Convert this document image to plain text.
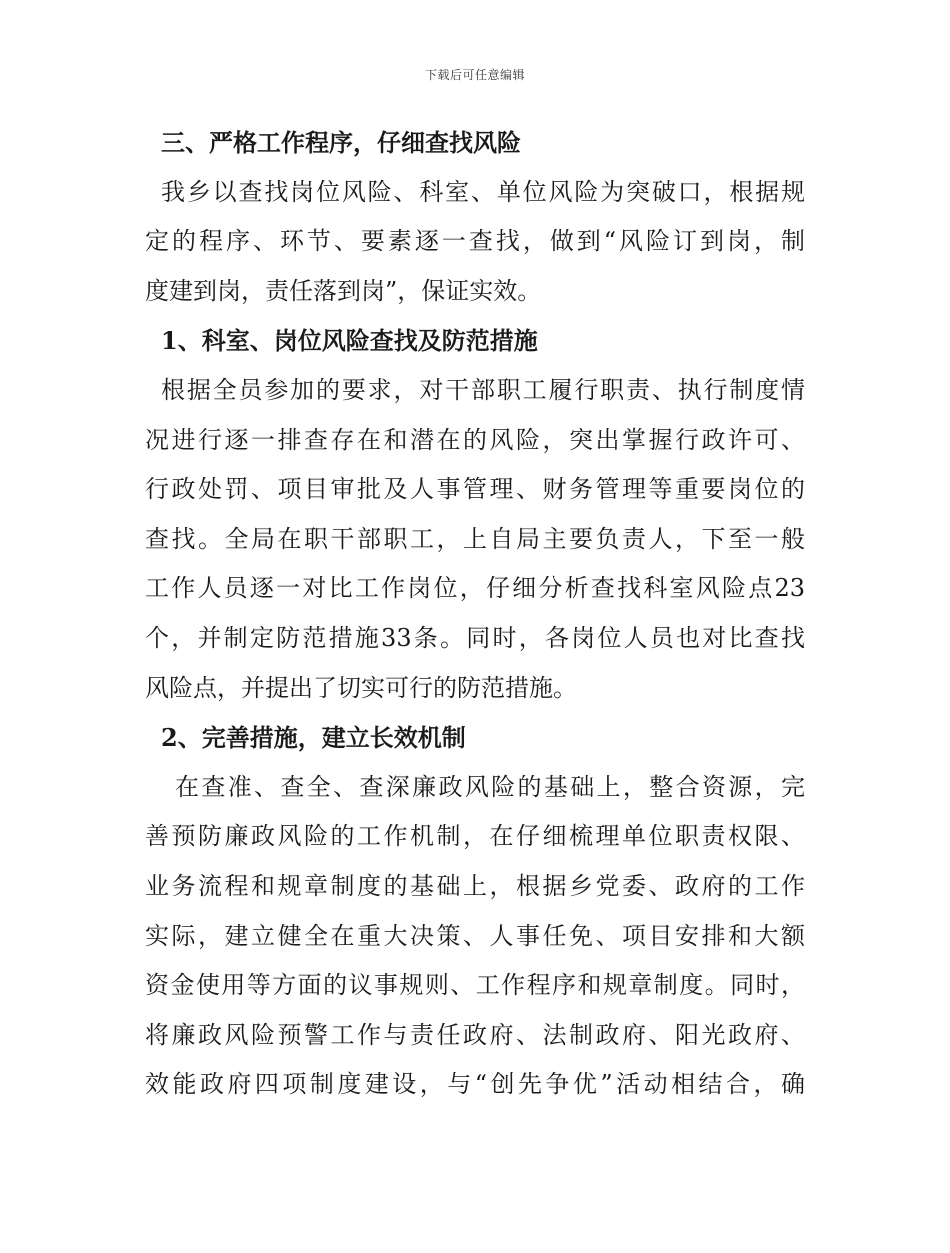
下载后可任意编辑
三、严格工作程序，仔细查找风险
我乡以查找岗位风险、科室、单位风险为突破口，根据规
定的程序、环节、要素逐一查找，做到“风险订到岗，制
度建到岗，责任落到岗”，保证实效。
1、科室、岗位风险查找及防范措施
根据全员参加的要求，对干部职工履行职责、执行制度情
况进行逐一排查存在和潜在的风险，突出掌握行政许可、
行政处罚、项目审批及人事管理、财务管理等重要岗位的
查找。全局在职干部职工，上自局主要负责人，下至一般
工作人员逐一对比工作岗位，仔细分析查找科室风险点23
个，并制定防范措施33条。同时，各岗位人员也对比查找
风险点，并提出了切实可行的防范措施。
2、完善措施，建立长效机制
在查准、查全、查深廉政风险的基础上，整合资源，完
善预防廉政风险的工作机制，在仔细梳理单位职责权限、
业务流程和规章制度的基础上，根据乡党委、政府的工作
实际，建立健全在重大决策、人事任免、项目安排和大额
资金使用等方面的议事规则、工作程序和规章制度。同时，
将廉政风险预警工作与责任政府、法制政府、阳光政府、
效能政府四项制度建设，与“创先争优”活动相结合，确
